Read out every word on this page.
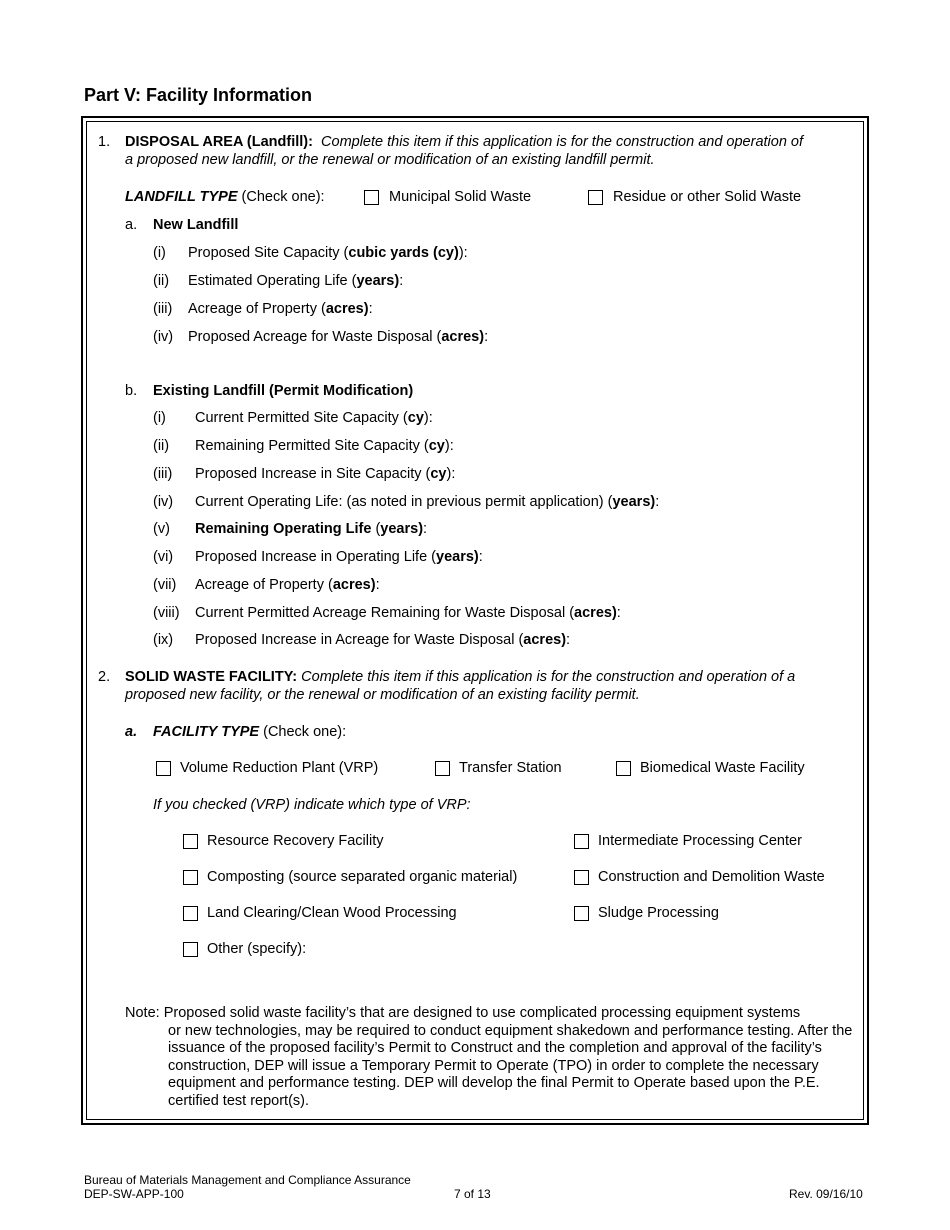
Part V: Facility Information
1. DISPOSAL AREA (Landfill): Complete this item if this application is for the construction and operation of
a proposed new landfill, or the renewal or modification of an existing landfill permit.
LANDFILL TYPE (Check one):	Municipal Solid Waste	Residue or other Solid Waste
a. New Landfill
(i) Proposed Site Capacity (cubic yards (cy)):
(ii) Estimated Operating Life (years):
(iii) Acreage of Property (acres):
(iv) Proposed Acreage for Waste Disposal (acres):
b. Existing Landfill (Permit Modification)
(i) Current Permitted Site Capacity (cy):
(ii) Remaining Permitted Site Capacity (cy):
(iii) Proposed Increase in Site Capacity (cy):
(iv) Current Operating Life: (as noted in previous permit application) (years):
(v) Remaining Operating Life (years):
(vi) Proposed Increase in Operating Life (years):
(vii) Acreage of Property (acres):
(viii) Current Permitted Acreage Remaining for Waste Disposal (acres):
(ix) Proposed Increase in Acreage for Waste Disposal (acres):
2. SOLID WASTE FACILITY: Complete this item if this application is for the construction and operation of a
proposed new facility, or the renewal or modification of an existing facility permit.
a. FACILITY TYPE (Check one):
Volume Reduction Plant (VRP)	Transfer Station	Biomedical Waste Facility
If you checked (VRP) indicate which type of VRP:
Resource Recovery Facility	Intermediate Processing Center
Composting (source separated organic material)	Construction and Demolition Waste
Land Clearing/Clean Wood Processing	Sludge Processing
Other (specify):
Note: Proposed solid waste facility’s that are designed to use complicated processing equipment systems
or new technologies, may be required to conduct equipment shakedown and performance testing. After the issuance of the proposed facility’s Permit to Construct and the completion and approval of the facility’s construction, DEP will issue a Temporary Permit to Operate (TPO) in order to complete the necessary equipment and performance testing. DEP will develop the final Permit to Operate based upon the P.E. certified test report(s).
Bureau of Materials Management and Compliance Assurance
DEP-SW-APP-100	7 of 13	Rev. 09/16/10
